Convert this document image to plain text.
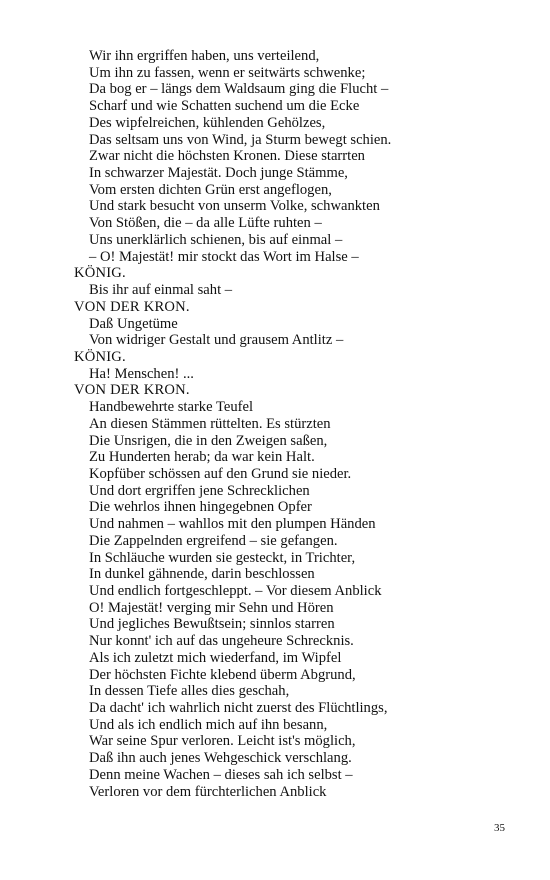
Wir ihn ergriffen haben, uns verteilend,
Um ihn zu fassen, wenn er seitwärts schwenke;
Da bog er – längs dem Waldsaum ging die Flucht –
Scharf und wie Schatten suchend um die Ecke
Des wipfelreichen, kühlenden Gehölzes,
Das seltsam uns von Wind, ja Sturm bewegt schien.
Zwar nicht die höchsten Kronen. Diese starrten
In schwarzer Majestät. Doch junge Stämme,
Vom ersten dichten Grün erst angeflogen,
Und stark besucht von unserm Volke, schwankten
Von Stößen, die – da alle Lüfte ruhten –
Uns unerklärlich schienen, bis auf einmal –
– O! Majestät! mir stockt das Wort im Halse –
KÖNIG.
Bis ihr auf einmal saht –
VON DER KRON.
Daß Ungetüme
Von widriger Gestalt und grausem Antlitz –
KÖNIG.
Ha! Menschen! ...
VON DER KRON.
Handbewehrte starke Teufel
An diesen Stämmen rüttelten. Es stürzten
Die Unsrigen, die in den Zweigen saßen,
Zu Hunderten herab; da war kein Halt.
Kopfüber schössen auf den Grund sie nieder.
Und dort ergriffen jene Schrecklichen
Die wehrlos ihnen hingegebnen Opfer
Und nahmen – wahllos mit den plumpen Händen
Die Zappelnden ergreifend – sie gefangen.
In Schläuche wurden sie gesteckt, in Trichter,
In dunkel gähnende, darin beschlossen
Und endlich fortgeschleppt. – Vor diesem Anblick
O! Majestät! verging mir Sehn und Hören
Und jegliches Bewußtsein; sinnlos starren
Nur konnt' ich auf das ungeheure Schrecknis.
Als ich zuletzt mich wiederfand, im Wipfel
Der höchsten Fichte klebend überm Abgrund,
In dessen Tiefe alles dies geschah,
Da dacht' ich wahrlich nicht zuerst des Flüchtlings,
Und als ich endlich mich auf ihn besann,
War seine Spur verloren. Leicht ist's möglich,
Daß ihn auch jenes Wehgeschick verschlang.
Denn meine Wachen – dieses sah ich selbst –
Verloren vor dem fürchterlichen Anblick
35
